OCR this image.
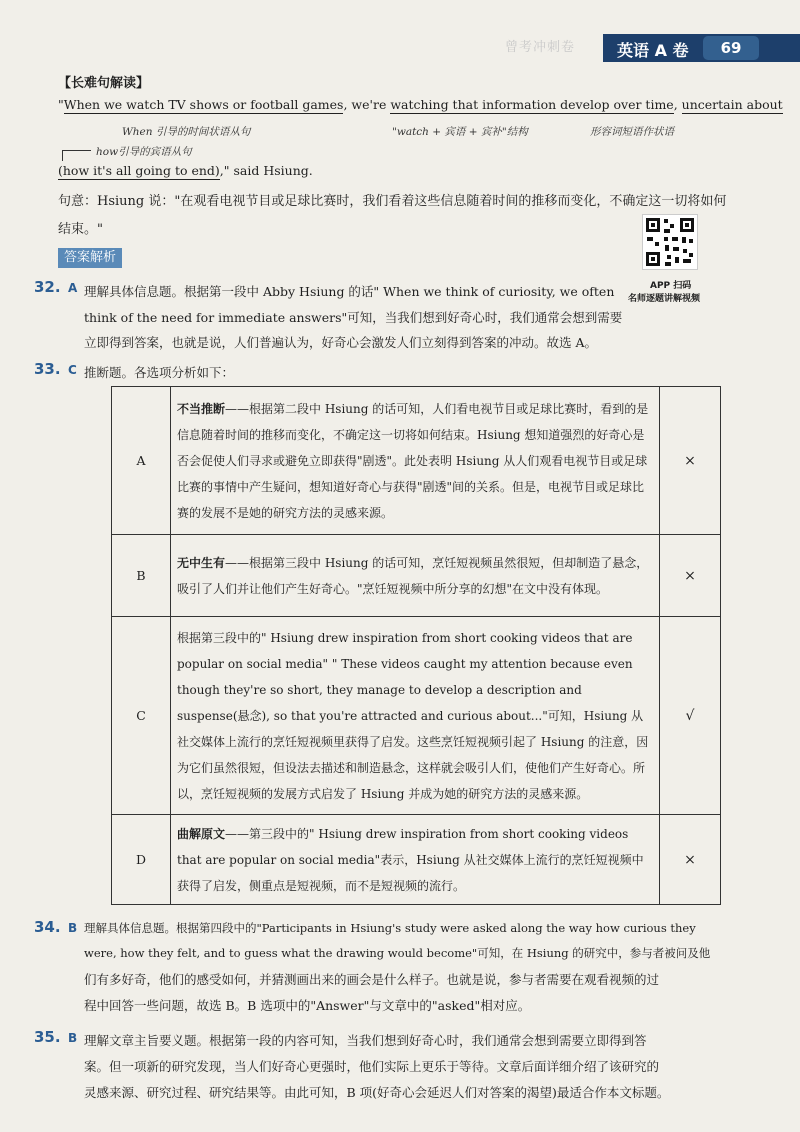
曾考冲刺卷	英语 A 卷	69
【长难句解读】
"When we watch TV shows or football games, we're watching that information develop over time, uncertain about
When 引导的时间状语从句	"watch + 宾语 + 宾补"结构	形容词短语作状语
how引导的宾语从句
(how it's all going to end)," said Hsiung.
句意：Hsiung 说："在观看电视节目或足球比赛时，我们看着这些信息随着时间的推移而变化，不确定这一切将如何
结束。"
APP 扫码
名师逐题讲解视频
答案解析
32. A 理解具体信息题。根据第一段中 Abby Hsiung 的话" When we think of curiosity, we often
think of the need for immediate answers"可知，当我们想到好奇心时，我们通常会想到需要
立即得到答案，也就是说，人们普遍认为，好奇心会激发人们立刻得到答案的冲动。故选 A。
33. C 推断题。各选项分析如下：
A	不当推断——根据第二段中 Hsiung 的话可知，人们看电视节目或足球比赛时，看到的是信息随着时间的推移而变化，不确定这一切将如何结束。Hsiung 想知道强烈的好奇心是否会促使人们寻求或避免立即获得"剧透"。此处表明 Hsiung 从人们观看电视节目或足球比赛的事情中产生疑问，想知道好奇心与获得"剧透"间的关系。但是，电视节目或足球比赛的发展不是她的研究方法的灵感来源。	×
B	无中生有——根据第三段中 Hsiung 的话可知，烹饪短视频虽然很短，但却制造了悬念，吸引了人们并让他们产生好奇心。"烹饪短视频中所分享的幻想"在文中没有体现。	×
C	根据第三段中的" Hsiung drew inspiration from short cooking videos that are popular on social media" " These videos caught my attention because even though they're so short, they manage to develop a description and suspense(悬念), so that you're attracted and curious about..."可知，Hsiung 从社交媒体上流行的烹饪短视频里获得了启发。这些烹饪短视频引起了 Hsiung 的注意，因为它们虽然很短，但设法去描述和制造悬念，这样就会吸引人们，使他们产生好奇心。所以，烹饪短视频的发展方式启发了 Hsiung 并成为她的研究方法的灵感来源。	√
D	曲解原文——第三段中的" Hsiung drew inspiration from short cooking videos that are popular on social media"表示，Hsiung 从社交媒体上流行的烹饪短视频中获得了启发，侧重点是短视频，而不是短视频的流行。	×
34. B 理解具体信息题。根据第四段中的"Participants in Hsiung's study were asked along the way how curious they
were, how they felt, and to guess what the drawing would become"可知，在 Hsiung 的研究中，参与者被问及他
们有多好奇，他们的感受如何，并猜测画出来的画会是什么样子。也就是说，参与者需要在观看视频的过
程中回答一些问题，故选 B。B 选项中的"Answer"与文章中的"asked"相对应。
35. B 理解文章主旨要义题。根据第一段的内容可知，当我们想到好奇心时，我们通常会想到需要立即得到答
案。但一项新的研究发现，当人们好奇心更强时，他们实际上更乐于等待。文章后面详细介绍了该研究的
灵感来源、研究过程、研究结果等。由此可知，B 项(好奇心会延迟人们对答案的渴望)最适合作本文标题。
